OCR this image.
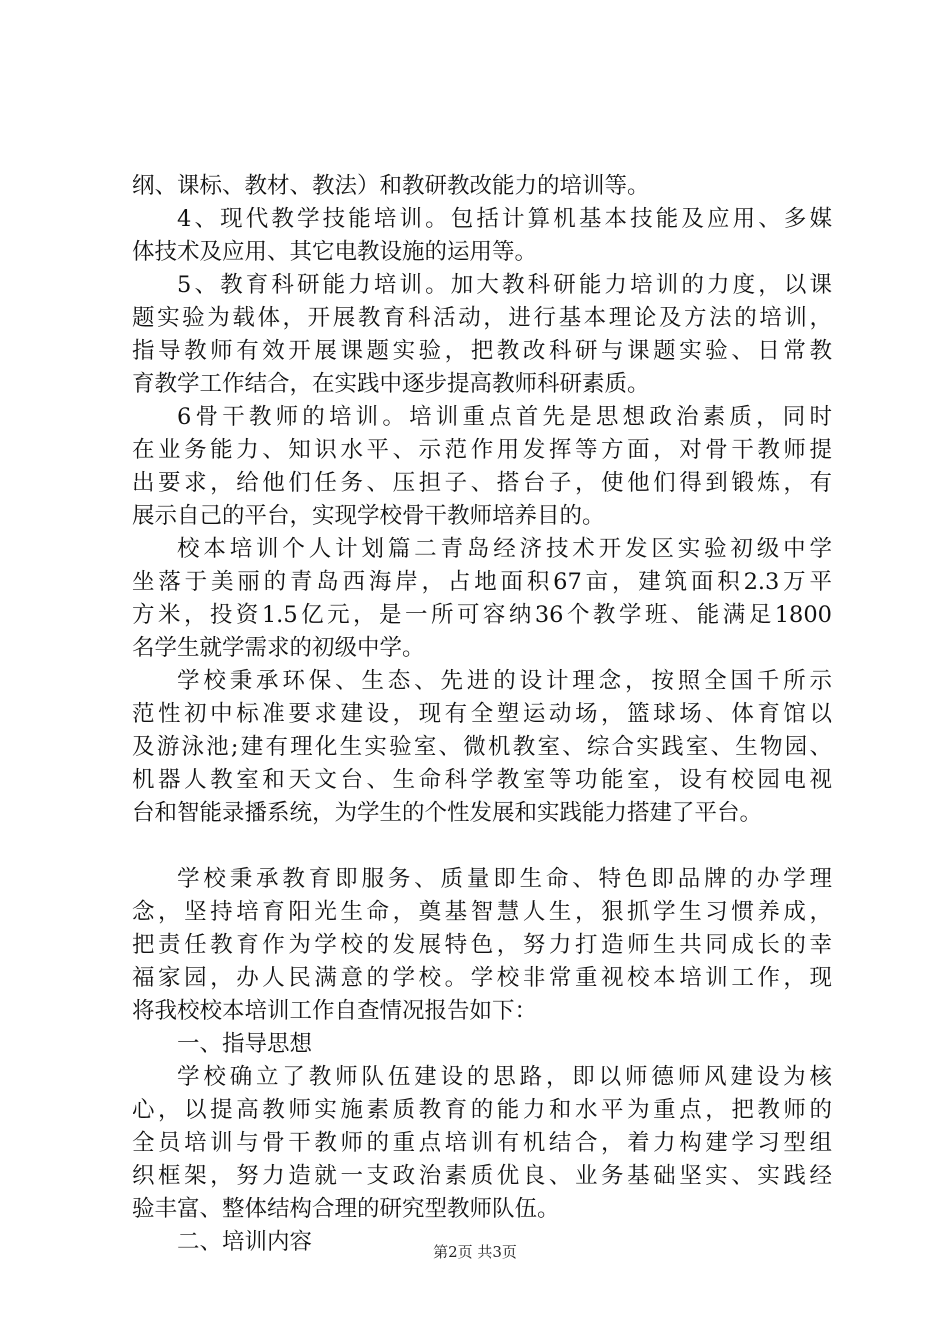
纲、课标、教材、教法）和教研教改能力的培训等。
4、现代教学技能培训。包括计算机基本技能及应用、多媒
体技术及应用、其它电教设施的运用等。
5、教育科研能力培训。加大教科研能力培训的力度，以课
题实验为载体，开展教育科活动，进行基本理论及方法的培训，
指导教师有效开展课题实验，把教改科研与课题实验、日常教
育教学工作结合，在实践中逐步提高教师科研素质。
6骨干教师的培训。培训重点首先是思想政治素质，同时
在业务能力、知识水平、示范作用发挥等方面，对骨干教师提
出要求，给他们任务、压担子、搭台子，使他们得到锻炼，有
展示自己的平台，实现学校骨干教师培养目的。
校本培训个人计划篇二青岛经济技术开发区实验初级中学
坐落于美丽的青岛西海岸，占地面积67亩，建筑面积2.3万平
方米，投资1.5亿元，是一所可容纳36个教学班、能满足1800
名学生就学需求的初级中学。
学校秉承环保、生态、先进的设计理念，按照全国千所示
范性初中标准要求建设，现有全塑运动场，篮球场、体育馆以
及游泳池;建有理化生实验室、微机教室、综合实践室、生物园、
机器人教室和天文台、生命科学教室等功能室，设有校园电视
台和智能录播系统，为学生的个性发展和实践能力搭建了平台。
学校秉承教育即服务、质量即生命、特色即品牌的办学理
念，坚持培育阳光生命，奠基智慧人生，狠抓学生习惯养成，
把责任教育作为学校的发展特色，努力打造师生共同成长的幸
福家园，办人民满意的学校。学校非常重视校本培训工作，现
将我校校本培训工作自查情况报告如下：
一、指导思想
学校确立了教师队伍建设的思路，即以师德师风建设为核
心，以提高教师实施素质教育的能力和水平为重点，把教师的
全员培训与骨干教师的重点培训有机结合，着力构建学习型组
织框架，努力造就一支政治素质优良、业务基础坚实、实践经
验丰富、整体结构合理的研究型教师队伍。
二、培训内容	第2页 共3页
